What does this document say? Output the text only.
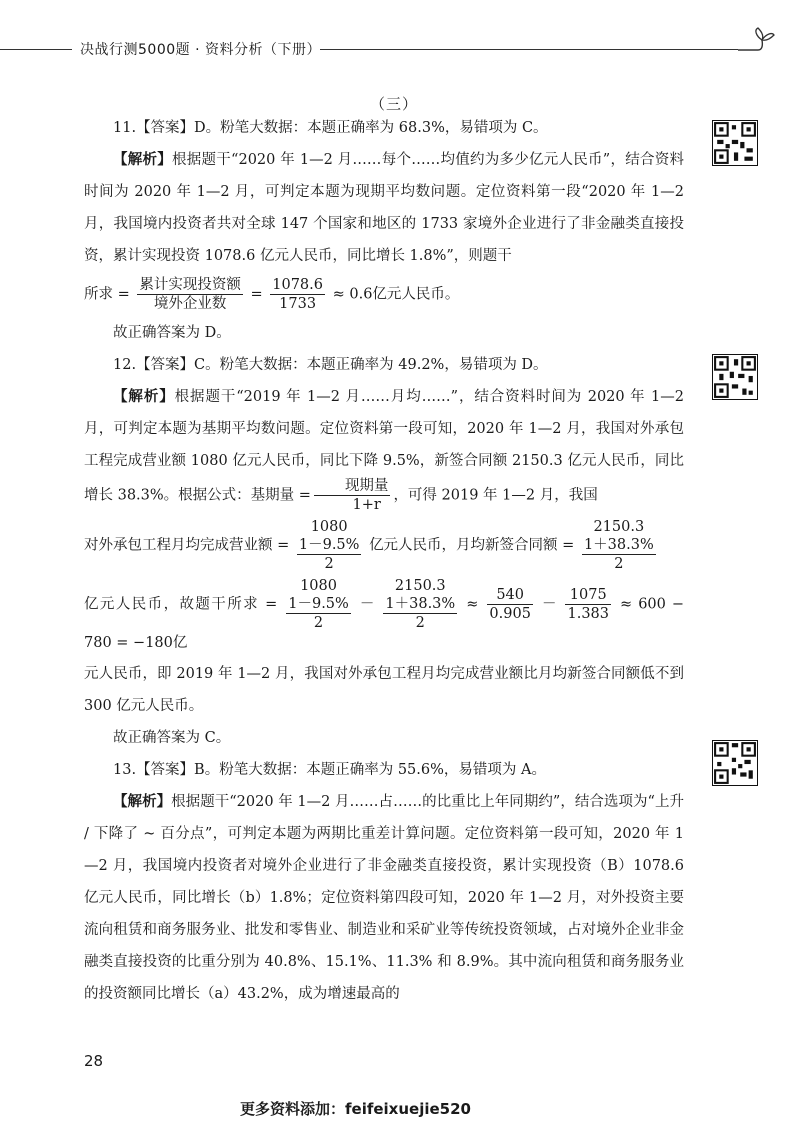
决战行测5000题 · 资料分析（下册）
（三）

11.【答案】D。粉笔大数据：本题正确率为 68.3%，易错项为 C。

【解析】根据题干“2020 年 1—2 月……每个……均值约为多少亿元人民币”，结合资料时间为 2020 年 1—2 月，可判定本题为现期平均数问题。定位资料第一段“2020 年 1—2 月，我国境内投资者共对全球 147 个国家和地区的 1733 家境外企业进行了非金融类直接投资，累计实现投资 1078.6 亿元人民币，同比增长 1.8%”，则题干

所求 = $\frac{\text{累计实现投资额}}{\text{境外企业数}} = \frac{1078.6}{1733} \approx 0.6$亿元人民币。

故正确答案为 D。

12.【答案】C。粉笔大数据：本题正确率为 49.2%，易错项为 D。

【解析】根据题干“2019 年 1—2 月……月均……”，结合资料时间为 2020 年 1—2 月，可判定本题为基期平均数问题。定位资料第一段可知，2020 年 1—2 月，我国对外承包工程完成营业额 1080 亿元人民币，同比下降 9.5%，新签合同额 2150.3 亿元人民币，同比增长 38.3%。根据公式：基期量 = $\frac{\text{现期量}}{1+r}$ ，可得 2019 年 1—2 月，我国

对外承包工程月均完成营业额 =
1080
1－9.5%
2
亿元人民币，月均新签合同额 =
2150.3
1＋38.3%
2

亿元人民币，故题干所求 =
1080
1－9.5%
2
－
2150.3
1＋38.3%
2
≈ $\frac{540}{0.905} - \frac{1075}{1.383} \approx 600 - 780 = -180$亿

元人民币，即 2019 年 1—2 月，我国对外承包工程月均完成营业额比月均新签合同额低不到 300 亿元人民币。

故正确答案为 C。

13.【答案】B。粉笔大数据：本题正确率为 55.6%，易错项为 A。

【解析】根据题干“2020 年 1—2 月……占……的比重比上年同期约”，结合选项为“上升 / 下降了 ~ 百分点”，可判定本题为两期比重差计算问题。定位资料第一段可知，2020 年 1—2 月，我国境内投资者对境外企业进行了非金融类直接投资，累计实现投资（B）1078.6 亿元人民币，同比增长（b）1.8%；定位资料第四段可知，2020 年 1—2 月，对外投资主要流向租赁和商务服务业、批发和零售业、制造业和采矿业等传统投资领域，占对境外企业非金融类直接投资的比重分别为 40.8%、15.1%、11.3% 和 8.9%。其中流向租赁和商务服务业的投资额同比增长（a）43.2%，成为增速最高的

28
更多资料添加：feifeixuejie520
